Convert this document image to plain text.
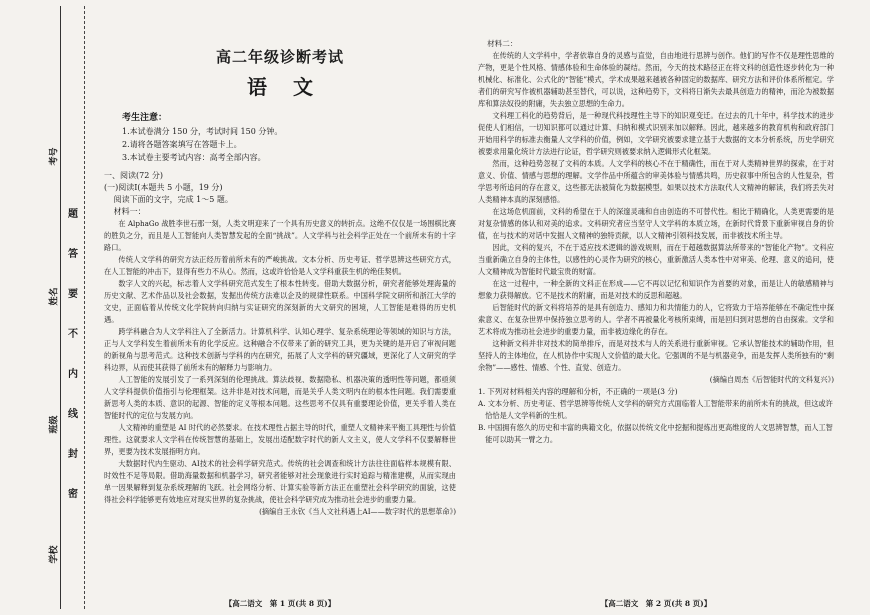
考号
姓名
班级
学校
题
答
要
不
内
线
封
密
高二年级诊断考试
语文
考生注意：
1.本试卷满分 150 分，考试时间 150 分钟。
2.请将各题答案填写在答题卡上。
3.本试卷主要考试内容：高考全部内容。
一、阅读(72 分)
(一)阅读Ⅰ(本题共 5 小题，19 分)
阅读下面的文字，完成 1～5 题。
材料一：

在 AlphaGo 战胜李世石那一刻，人类文明迎来了一个具有历史意义的转折点。这绝不仅仅是一场围棋比赛的胜负之分，而且是人工智能向人类智慧发起的全面“挑战”。人文学科与社会科学正处在一个前所未有的十字路口。

传统人文学科的研究方法正经历着前所未有的严峻挑战。文本分析、历史考证、哲学思辨这些研究方式，在人工智能的冲击下，显得有些力不从心。然而，这或许恰恰是人文学科重获生机的绝佳契机。

数字人文的兴起，标志着人文学科研究范式发生了根本性转变。借助大数据分析，研究者能够处理海量的历史文献、艺术作品以及社会数据，发掘出传统方法难以企及的规律性联系。中国科学院文研所和浙江大学的文史，正面临着从传统文化学院转向归纳与实证研究的深刻新的大文研究的困境，人工智能是难得的历史机遇。

跨学科融合为人文学科注入了全新活力。计算机科学、认知心理学、复杂系统理论等领域的知识与方法，正与人文学科发生着前所未有的化学反应。这种融合不仅带来了新的研究工具，更为关键的是开启了审视问题的新视角与思考范式。这种技术创新与学科的内在研究，拓展了人文学科的研究疆域，更深化了人文研究的学科边界，从而使其获得了前所未有的解释力与影响力。

人工智能的发展引发了一系列深刻的伦理挑战。算法歧视、数据隐私、机器决策的透明性等问题，都亟须人文学科提供价值指引与伦理框架。这并非是对技术问题，而是关乎人类文明内在的根本性问题。我们需要重新思考人类的本质、意识的起源、智能的定义等根本问题。这些思考不仅具有重要理论价值，更关乎着人类在智能时代的定位与发展方向。

人文精神的重塑是 AI 时代的必然要求。在技术理性占据主导的时代，重塑人文精神来平衡工具理性与价值理性。这就要求人文学科在传统智慧的基础上，发展出适配数字时代的新人文主义，使人文学科不仅要解释世界，更要为技术发展指明方向。

大数据时代内生驱动、AI技术的社会科学研究范式。传统的社会调查和统计方法往往面临样本规模有限、时效性不足等局限。借助海量数据和机器学习，研究者能够对社会现象进行实时追踪与精准建模，从而实现由单一因果解释到复杂系统理解的飞跃。社会网络分析、计算实验等新方法正在重塑社会科学研究的面貌，这使得社会科学能够更有效地应对现实世界的复杂挑战，使社会科学研究成为推动社会进步的重要力量。

(摘编自王永钦《当人文社科遇上AI——数字时代的思想革命》)

【高二语文　第 1 页(共 8 页)】

材料二：

在传统的人文学科中，学者依靠自身的灵感与直觉，自由地进行思辨与创作。他们的写作不仅是理性思维的产物，更是个性风格、情感体验和生命体验的凝结。然而，今天的技术路径正在将文科的创造性逐步转化为一种机械化、标准化、公式化的“智能”模式，学术成果越来越被各种固定的数据库、研究方法和评价体系所框定。学者们的研究写作被机器辅助甚至替代，可以说，这种趋势下，文科将日渐失去最具创造力的精神，而沦为被数据库和算法奴役的附庸，失去独立思想的生命力。

文科理工科化的趋势背后，是一种现代科技理性主导下的知识观变迁。在过去的几十年中，科学技术的进步促使人们相信，一切知识都可以通过计算、归纳和模式识别来加以解释。因此，越来越多的教育机构和政府部门开始用科学的标准去衡量人文学科的价值，例如，文学研究被要求建立基于大数据的文本分析系统，历史学研究被要求用量化统计方法进行论证，哲学研究则被要求纳入逻辑形式化框架。

然而，这种趋势忽视了文科的本质。人文学科的核心不在于精确性，而在于对人类精神世界的探索，在于对意义、价值、情感与思想的理解。文学作品中所蕴含的审美体验与情感共鸣，历史叙事中所包含的人性复杂，哲学思考所追问的存在意义，这些都无法被简化为数据模型。如果以技术方法取代人文精神的解读，我们将丢失对人类精神本真的深刻感悟。

在这场危机面前，文科的希望在于人的深邃灵魂和自由创造的不可替代性。相比于精确化，人类更需要的是对复杂情感的体认和对美的追求。文科研究者应当坚守人文学科的本质立场，在新时代背景下重新审视自身的价值，在与技术的对话中发掘人文精神的独特贡献，以人文精神引领科技发展，而非被技术所主导。

因此，文科的复兴，不在于适应技术逻辑的游戏规则，而在于超越数据算法所带来的“智能化产物”。文科应当重新确立自身的主体性，以感性的心灵作为研究的核心，重新激活人类本性中对审美、伦理、意义的追问，使人文精神成为智能时代最宝贵的财富。

在这一过程中，一种全新的文科正在形成——它不再以记忆和知识作为首要的对象，而是让人的敏感精神与想象力获得解放。它不是技术的附庸，而是对技术的反思和超越。

后智能时代的新文科将培养的是具有创造力、感知力和共情能力的人，它将致力于培养能够在不确定性中探索意义、在复杂世界中保持独立思考的人。学者不再被量化考核所束缚，而是回归到对思想的自由探索。文学和艺术将成为推动社会进步的重要力量，而非被边缘化的存在。

这种新文科并非对技术的简单排斥，而是对技术与人的关系进行重新审视。它承认智能技术的辅助作用，但坚持人的主体地位，在人机协作中实现人文价值的最大化。它强调的不是与机器竞争，而是发挥人类所独有的“剩余物”——感性、情感、个性、直觉、创造力。

(摘编自周杰《后智能时代的文科复兴》)

1. 下列对材料相关内容的理解和分析，不正确的一项是(3 分)

A. 文本分析、历史考证、哲学思辨等传统人文学科的研究方式面临着人工智能带来的前所未有的挑战，但这或许恰恰是人文学科新的生机。

B. 中国拥有悠久的历史和丰富的典籍文化，依据以传统文化中挖掘和提炼出更高维度的人文思辨智慧，而人工智能可以助其一臂之力。

【高二语文　第 2 页(共 8 页)】
